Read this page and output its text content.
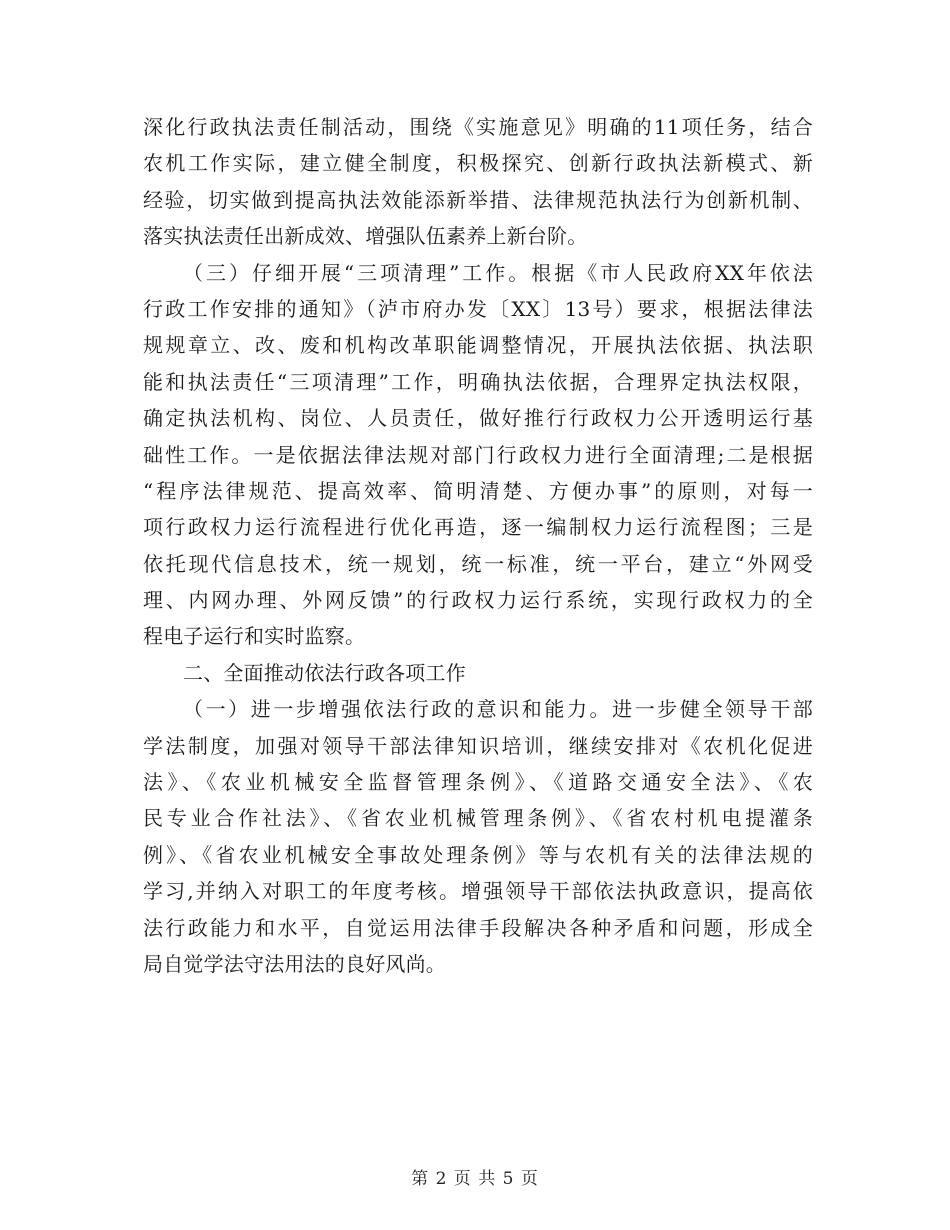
深化行政执法责任制活动，围绕《实施意见》明确的11项任务，结合
农机工作实际，建立健全制度，积极探究、创新行政执法新模式、新
经验，切实做到提高执法效能添新举措、法律规范执法行为创新机制、
落实执法责任出新成效、增强队伍素养上新台阶。
（三）仔细开展“三项清理”工作。根据《市人民政府XX年依法
行政工作安排的通知》（泸市府办发〔XX〕13号）要求，根据法律法
规规章立、改、废和机构改革职能调整情况，开展执法依据、执法职
能和执法责任“三项清理”工作，明确执法依据，合理界定执法权限，
确定执法机构、岗位、人员责任，做好推行行政权力公开透明运行基
础性工作。一是依据法律法规对部门行政权力进行全面清理;二是根据
“程序法律规范、提高效率、简明清楚、方便办事”的原则，对每一
项行政权力运行流程进行优化再造，逐一编制权力运行流程图；三是
依托现代信息技术，统一规划，统一标准，统一平台，建立“外网受
理、内网办理、外网反馈”的行政权力运行系统，实现行政权力的全
程电子运行和实时监察。
二、全面推动依法行政各项工作
（一）进一步增强依法行政的意识和能力。进一步健全领导干部
学法制度，加强对领导干部法律知识培训，继续安排对《农机化促进
法》、《农业机械安全监督管理条例》、《道路交通安全法》、《农
民专业合作社法》、《省农业机械管理条例》、《省农村机电提灌条
例》、《省农业机械安全事故处理条例》等与农机有关的法律法规的
学习,并纳入对职工的年度考核。增强领导干部依法执政意识，提高依
法行政能力和水平，自觉运用法律手段解决各种矛盾和问题，形成全
局自觉学法守法用法的良好风尚。
第 2 页 共 5 页
